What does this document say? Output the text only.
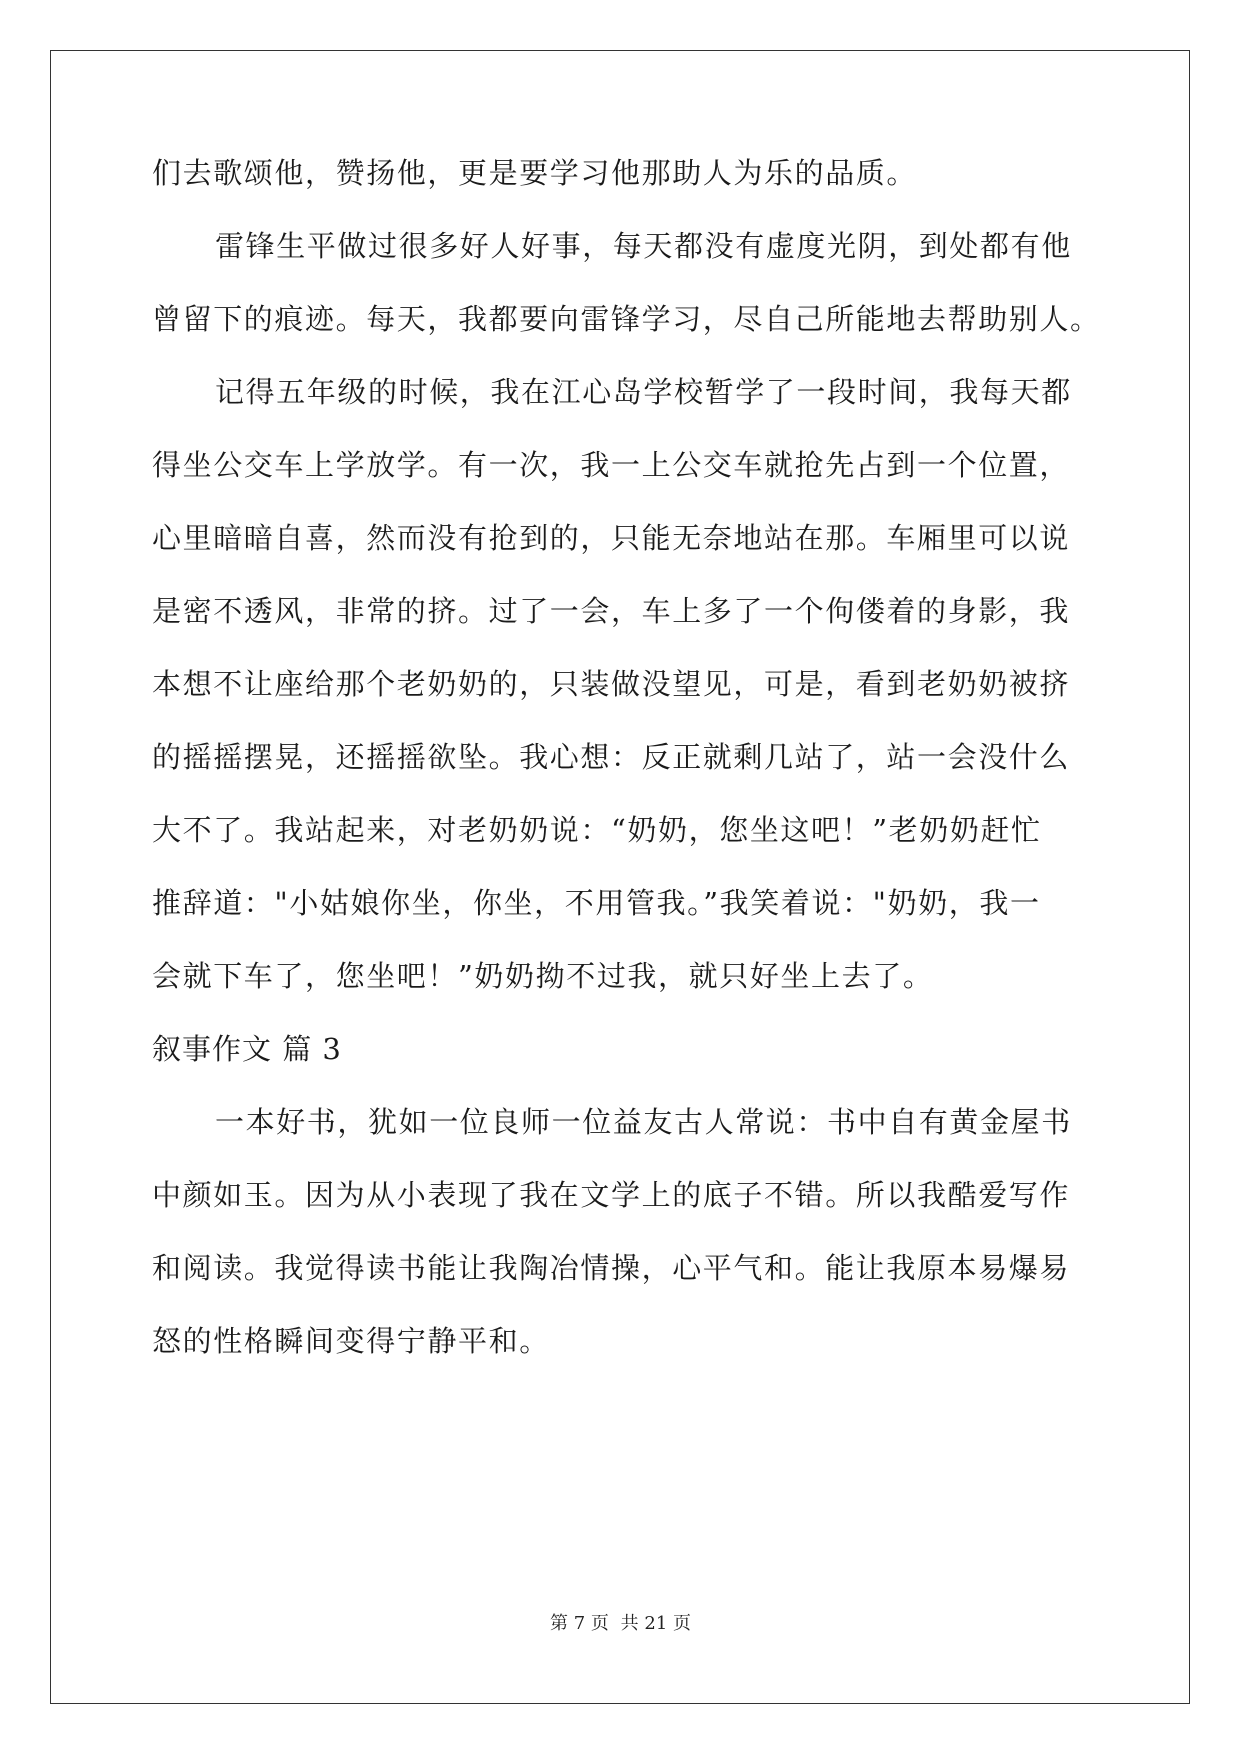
们去歌颂他，赞扬他，更是要学习他那助人为乐的品质。
雷锋生平做过很多好人好事，每天都没有虚度光阴，到处都有他
曾留下的痕迹。每天，我都要向雷锋学习，尽自己所能地去帮助别人。
记得五年级的时候，我在江心岛学校暂学了一段时间，我每天都
得坐公交车上学放学。有一次，我一上公交车就抢先占到一个位置，
心里暗暗自喜，然而没有抢到的，只能无奈地站在那。车厢里可以说
是密不透风，非常的挤。过了一会，车上多了一个佝偻着的身影，我
本想不让座给那个老奶奶的，只装做没望见，可是，看到老奶奶被挤
的摇摇摆晃，还摇摇欲坠。我心想：反正就剩几站了，站一会没什么
大不了。我站起来，对老奶奶说：“奶奶，您坐这吧！”老奶奶赶忙
推辞道："小姑娘你坐，你坐，不用管我。”我笑着说："奶奶，我一
会就下车了，您坐吧！”奶奶拗不过我，就只好坐上去了。
叙事作文 篇 3
一本好书，犹如一位良师一位益友古人常说：书中自有黄金屋书
中颜如玉。因为从小表现了我在文学上的底子不错。所以我酷爱写作
和阅读。我觉得读书能让我陶冶情操，心平气和。能让我原本易爆易
怒的性格瞬间变得宁静平和。
第 7 页 共 21 页
